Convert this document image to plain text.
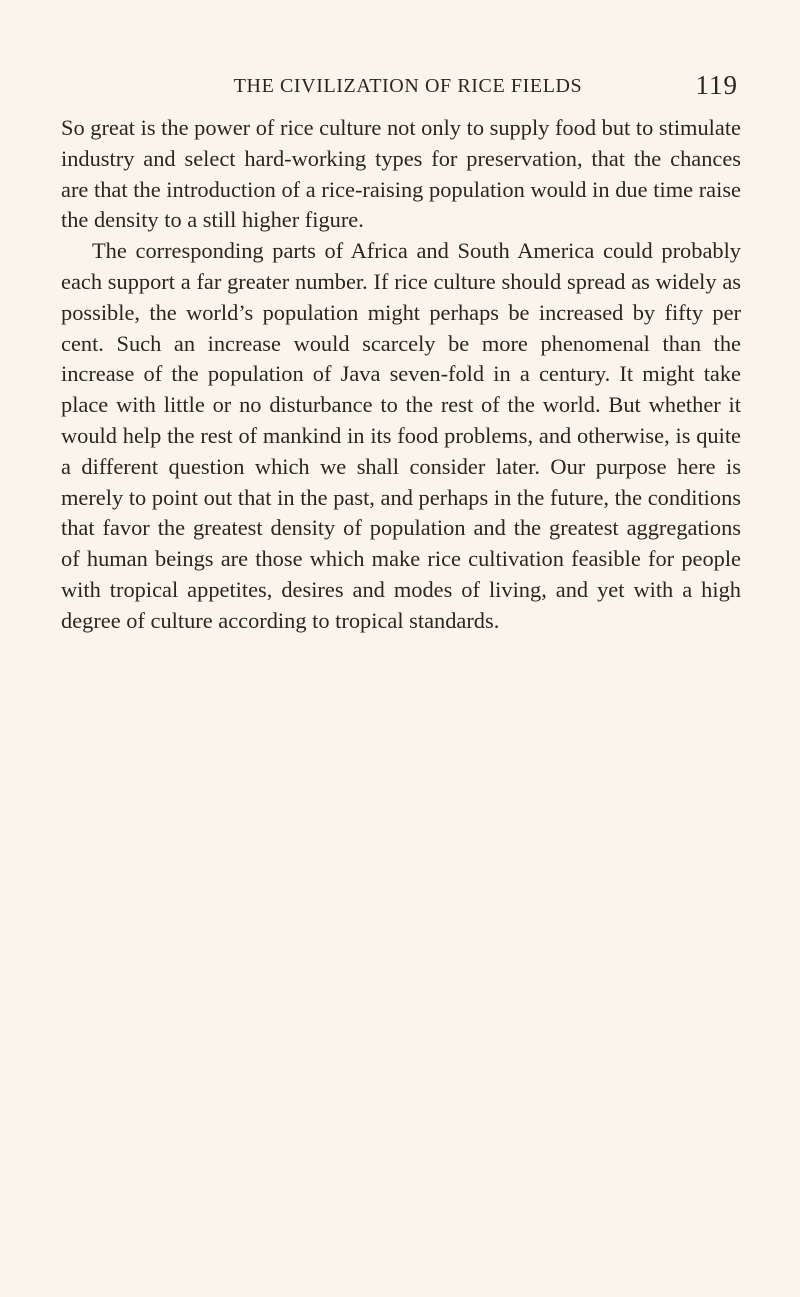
THE CIVILIZATION OF RICE FIELDS	119

So great is the power of rice culture not only to supply food but to stimulate industry and select hard-working types for preservation, that the chances are that the introduction of a rice-raising population would in due time raise the density to a still higher figure.

The corresponding parts of Africa and South America could probably each support a far greater number. If rice culture should spread as widely as possible, the world’s population might perhaps be increased by fifty per cent. Such an increase would scarcely be more phenomenal than the increase of the population of Java seven-fold in a century. It might take place with little or no disturbance to the rest of the world. But whether it would help the rest of mankind in its food problems, and otherwise, is quite a different question which we shall consider later. Our purpose here is merely to point out that in the past, and perhaps in the future, the conditions that favor the greatest density of population and the greatest aggregations of human beings are those which make rice cultivation feasible for people with tropical appetites, desires and modes of living, and yet with a high degree of culture according to tropical standards.
